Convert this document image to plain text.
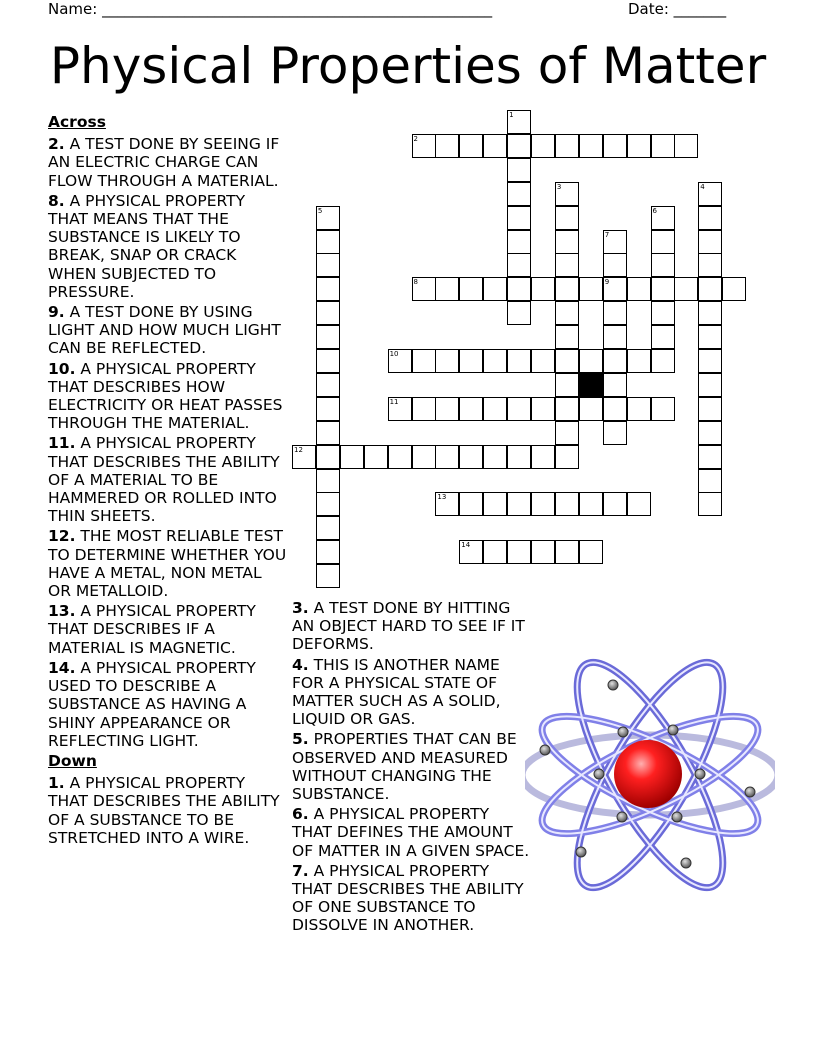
Name: ____________________________________________________	Date: _______
Physical Properties of Matter
2
8	9
10
11
12
13
14
1
3	4
5	6
7
Across
2. A TEST DONE BY SEEING IF AN ELECTRIC CHARGE CAN FLOW THROUGH A MATERIAL.
8. A PHYSICAL PROPERTY THAT MEANS THAT THE SUBSTANCE IS LIKELY TO BREAK, SNAP OR CRACK WHEN SUBJECTED TO PRESSURE.
9. A TEST DONE BY USING LIGHT AND HOW MUCH LIGHT CAN BE REFLECTED.
10. A PHYSICAL PROPERTY THAT DESCRIBES HOW ELECTRICITY OR HEAT PASSES THROUGH THE MATERIAL.
11. A PHYSICAL PROPERTY THAT DESCRIBES THE ABILITY OF A MATERIAL TO BE HAMMERED OR ROLLED INTO THIN SHEETS.
12. THE MOST RELIABLE TEST TO DETERMINE WHETHER YOU HAVE A METAL, NON METAL OR METALLOID.
13. A PHYSICAL PROPERTY THAT DESCRIBES IF A MATERIAL IS MAGNETIC.
14. A PHYSICAL PROPERTY USED TO DESCRIBE A SUBSTANCE AS HAVING A SHINY APPEARANCE OR REFLECTING LIGHT.
Down
1. A PHYSICAL PROPERTY THAT DESCRIBES THE ABILITY OF A SUBSTANCE TO BE STRETCHED INTO A WIRE.
3. A TEST DONE BY HITTING AN OBJECT HARD TO SEE IF IT DEFORMS.
4. THIS IS ANOTHER NAME FOR A PHYSICAL STATE OF MATTER SUCH AS A SOLID, LIQUID OR GAS.
5. PROPERTIES THAT CAN BE OBSERVED AND MEASURED WITHOUT CHANGING THE SUBSTANCE.
6. A PHYSICAL PROPERTY THAT DEFINES THE AMOUNT OF MATTER IN A GIVEN SPACE.
7. A PHYSICAL PROPERTY THAT DESCRIBES THE ABILITY OF ONE SUBSTANCE TO DISSOLVE IN ANOTHER.
